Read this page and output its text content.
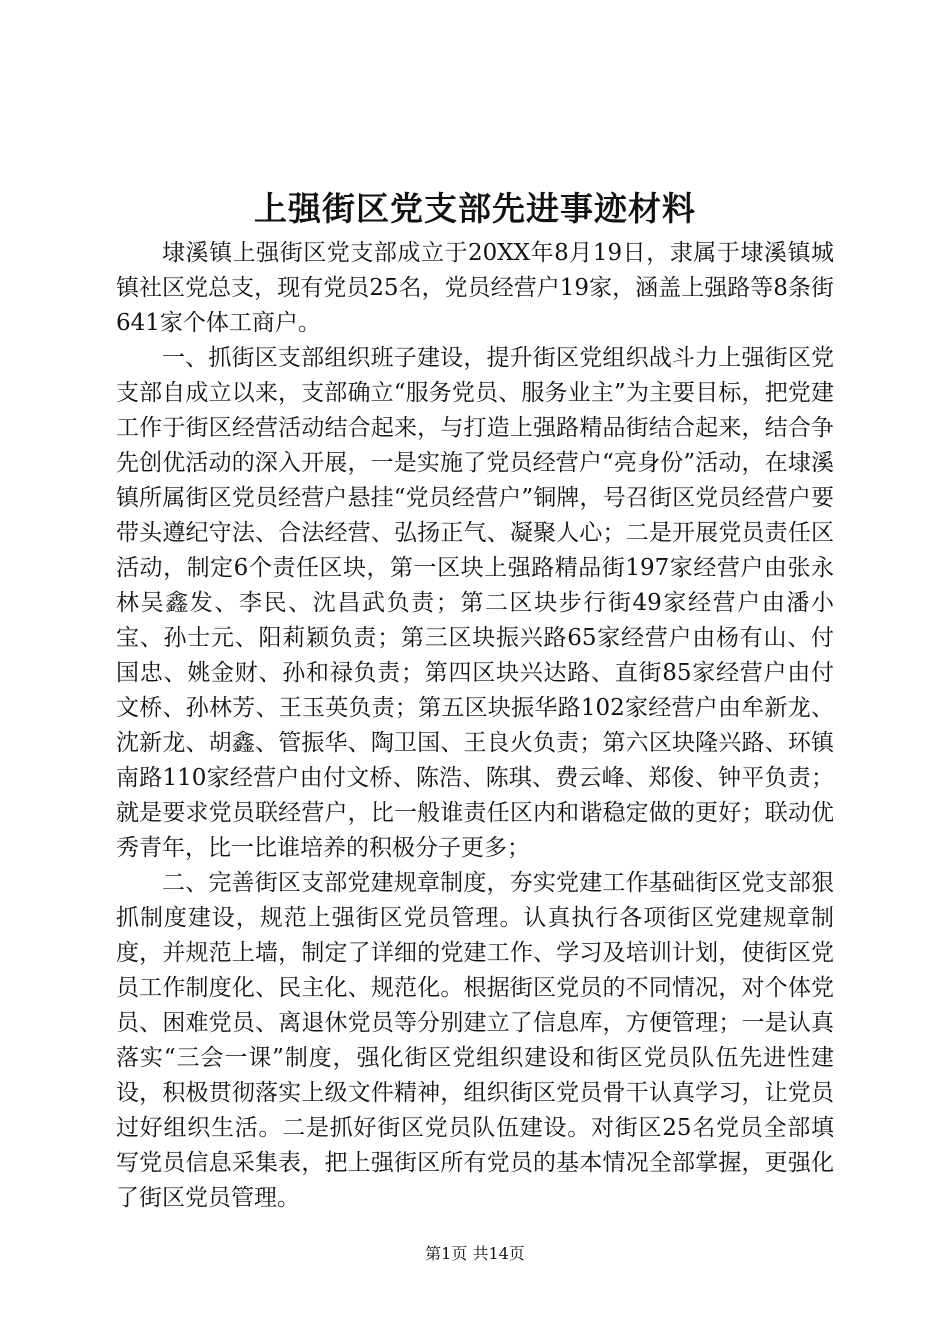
上强街区党支部先进事迹材料

埭溪镇上强街区党支部成立于20XX年8月19日，隶属于埭溪镇城镇社区党总支，现有党员25名，党员经营户19家，涵盖上强路等8条街641家个体工商户。

一、抓街区支部组织班子建设，提升街区党组织战斗力上强街区党支部自成立以来，支部确立“服务党员、服务业主”为主要目标，把党建工作于街区经营活动结合起来，与打造上强路精品街结合起来，结合争先创优活动的深入开展，一是实施了党员经营户“亮身份”活动，在埭溪镇所属街区党员经营户悬挂“党员经营户”铜牌，号召街区党员经营户要带头遵纪守法、合法经营、弘扬正气、凝聚人心；二是开展党员责任区活动，制定6个责任区块，第一区块上强路精品街197家经营户由张永林吴鑫发、李民、沈昌武负责；第二区块步行街49家经营户由潘小宝、孙士元、阳莉颖负责；第三区块振兴路65家经营户由杨有山、付国忠、姚金财、孙和禄负责；第四区块兴达路、直街85家经营户由付文桥、孙林芳、王玉英负责；第五区块振华路102家经营户由牟新龙、沈新龙、胡鑫、管振华、陶卫国、王良火负责；第六区块隆兴路、环镇南路110家经营户由付文桥、陈浩、陈琪、费云峰、郑俊、钟平负责；就是要求党员联经营户，比一般谁责任区内和谐稳定做的更好；联动优秀青年，比一比谁培养的积极分子更多；

二、完善街区支部党建规章制度，夯实党建工作基础街区党支部狠抓制度建设，规范上强街区党员管理。认真执行各项街区党建规章制度，并规范上墙，制定了详细的党建工作、学习及培训计划，使街区党员工作制度化、民主化、规范化。根据街区党员的不同情况，对个体党员、困难党员、离退休党员等分别建立了信息库，方便管理；一是认真落实“三会一课”制度，强化街区党组织建设和街区党员队伍先进性建设，积极贯彻落实上级文件精神，组织街区党员骨干认真学习，让党员过好组织生活。二是抓好街区党员队伍建设。对街区25名党员全部填写党员信息采集表，把上强街区所有党员的基本情况全部掌握，更强化了街区党员管理。

第1页 共14页
